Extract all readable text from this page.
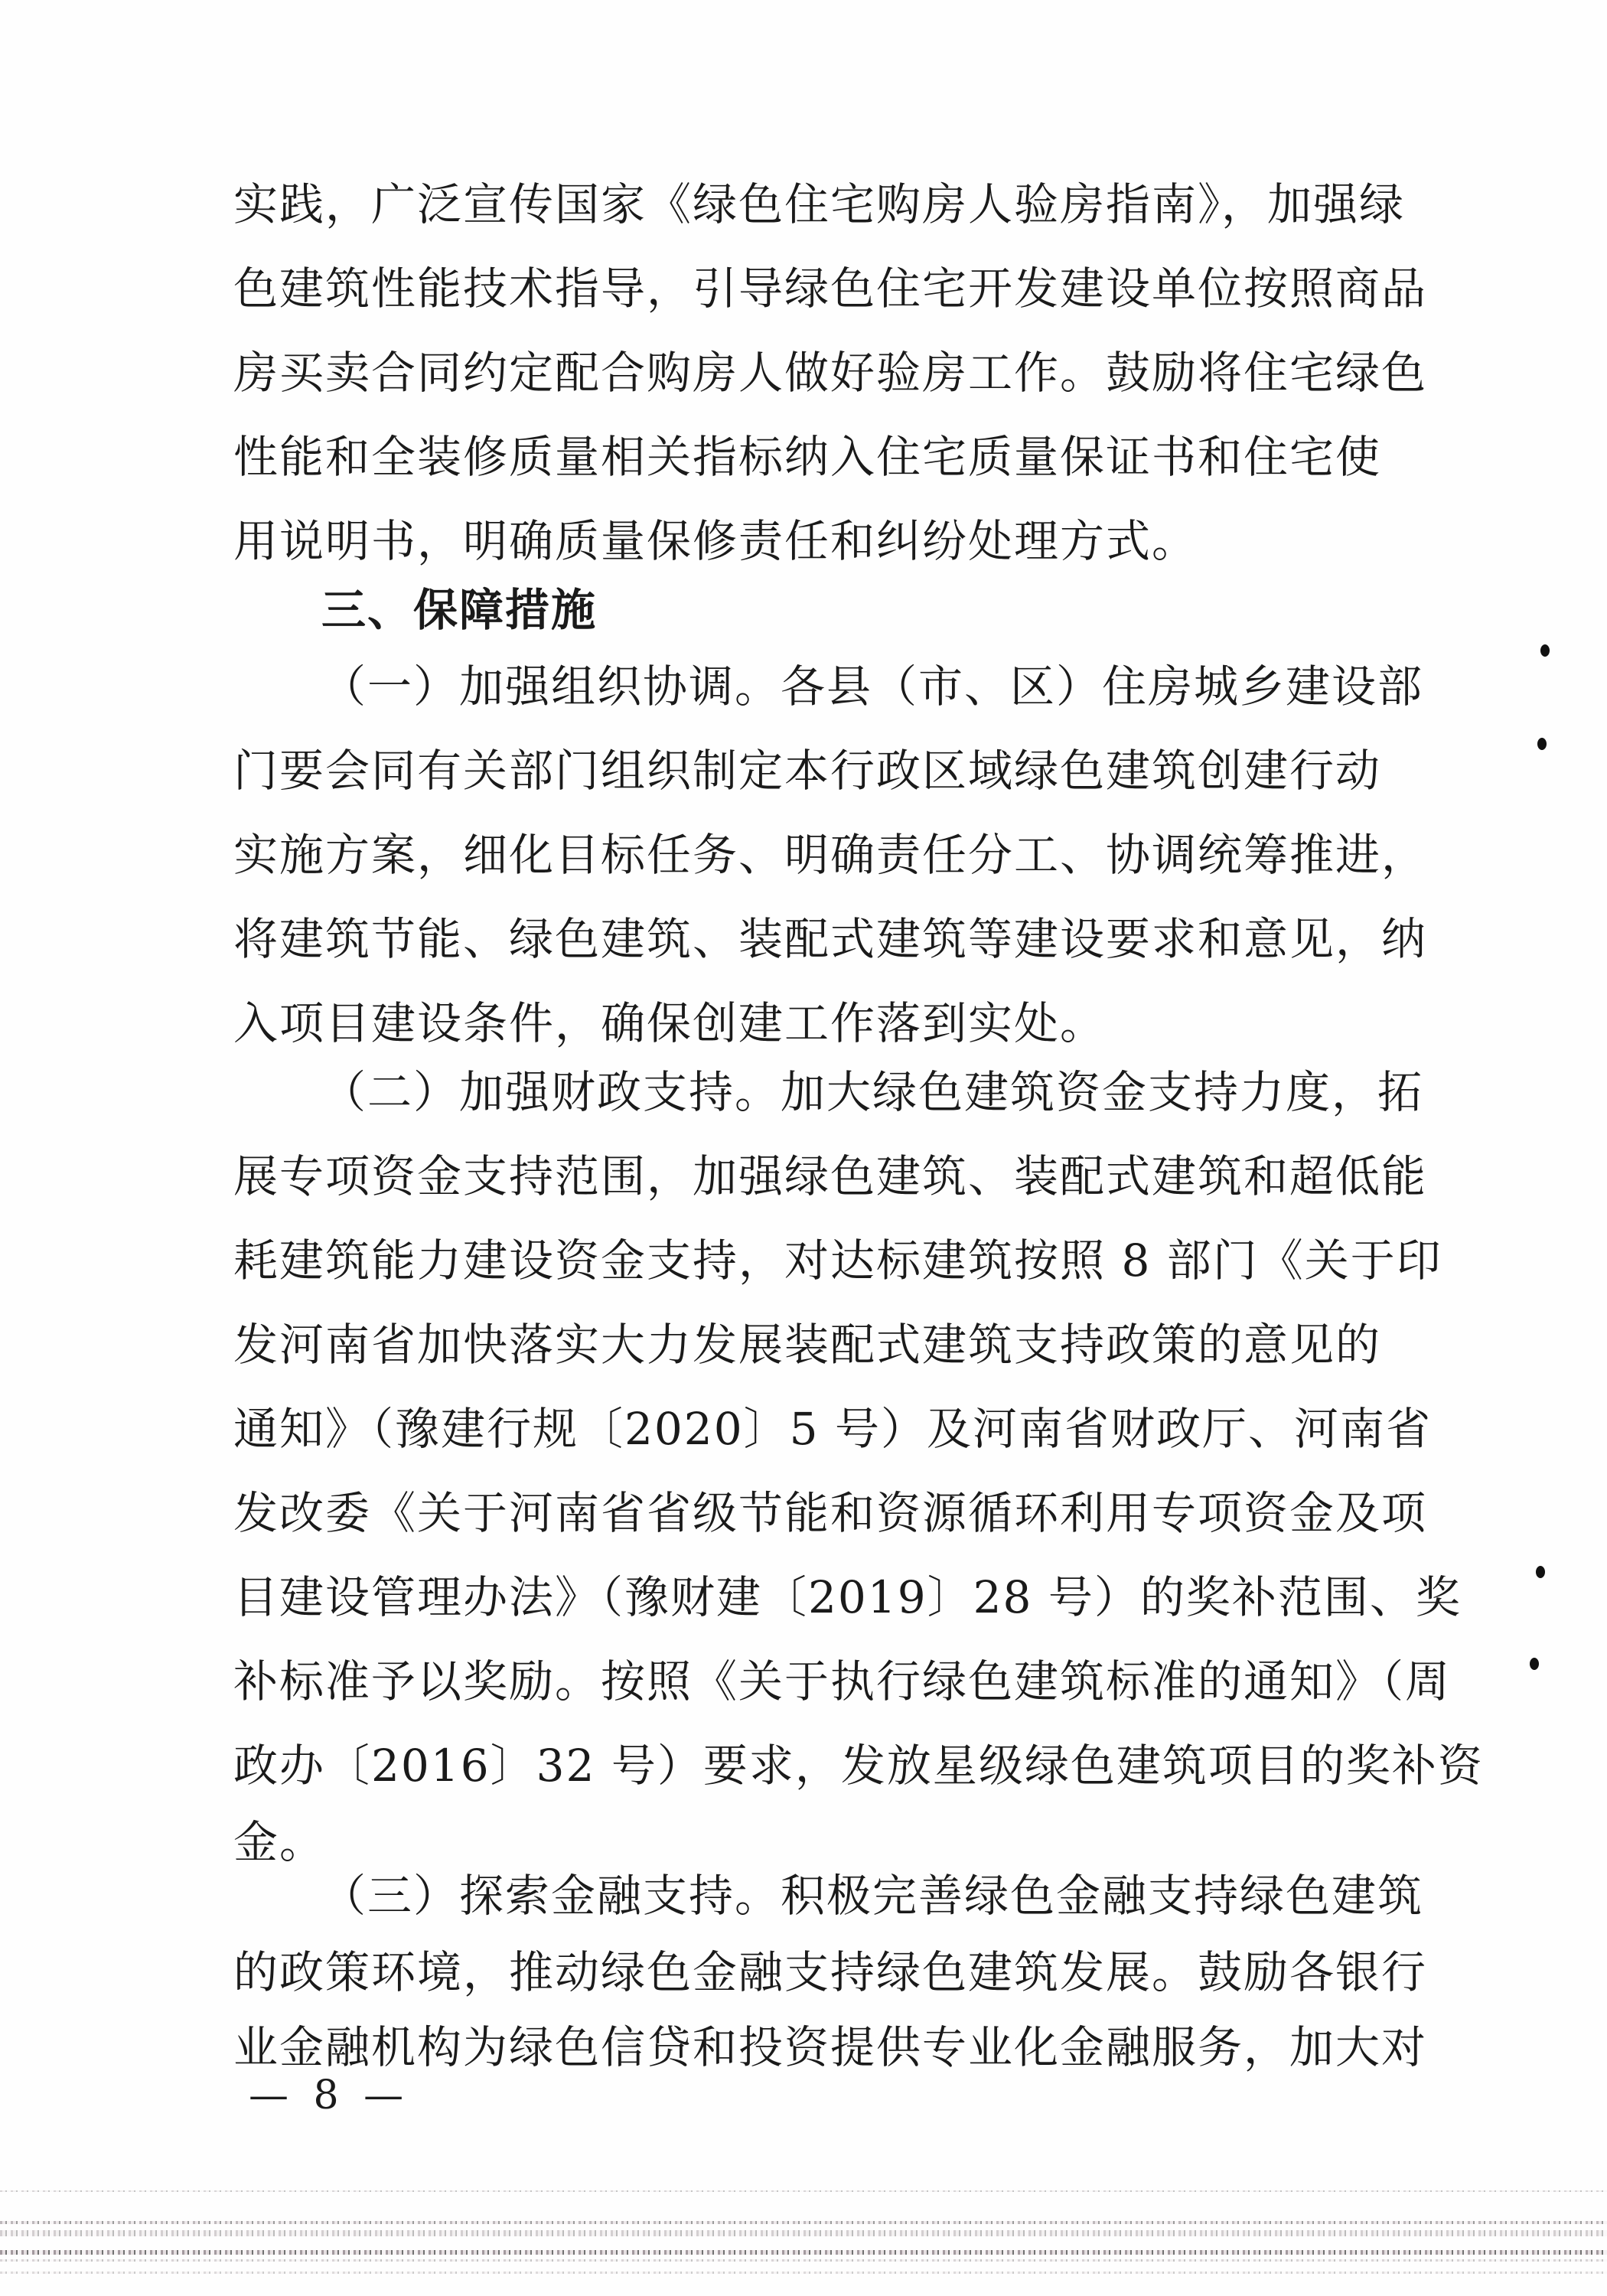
实践，广泛宣传国家《绿色住宅购房人验房指南》，加强绿
色建筑性能技术指导，引导绿色住宅开发建设单位按照商品
房买卖合同约定配合购房人做好验房工作。鼓励将住宅绿色
性能和全装修质量相关指标纳入住宅质量保证书和住宅使
用说明书，明确质量保修责任和纠纷处理方式。
三、保障措施
（一）加强组织协调。各县（市、区）住房城乡建设部
门要会同有关部门组织制定本行政区域绿色建筑创建行动
实施方案，细化目标任务、明确责任分工、协调统筹推进，
将建筑节能、绿色建筑、装配式建筑等建设要求和意见，纳
入项目建设条件，确保创建工作落到实处。
（二）加强财政支持。加大绿色建筑资金支持力度，拓
展专项资金支持范围，加强绿色建筑、装配式建筑和超低能
耗建筑能力建设资金支持，对达标建筑按照 8 部门《关于印
发河南省加快落实大力发展装配式建筑支持政策的意见的
通知》（豫建行规〔2020〕5 号）及河南省财政厅、河南省
发改委《关于河南省省级节能和资源循环利用专项资金及项
目建设管理办法》（豫财建〔2019〕28 号）的奖补范围、奖
补标准予以奖励。按照《关于执行绿色建筑标准的通知》（周
政办〔2016〕32 号）要求，发放星级绿色建筑项目的奖补资
金。
（三）探索金融支持。积极完善绿色金融支持绿色建筑
的政策环境，推动绿色金融支持绿色建筑发展。鼓励各银行
业金融机构为绿色信贷和投资提供专业化金融服务，加大对
— 8 —
